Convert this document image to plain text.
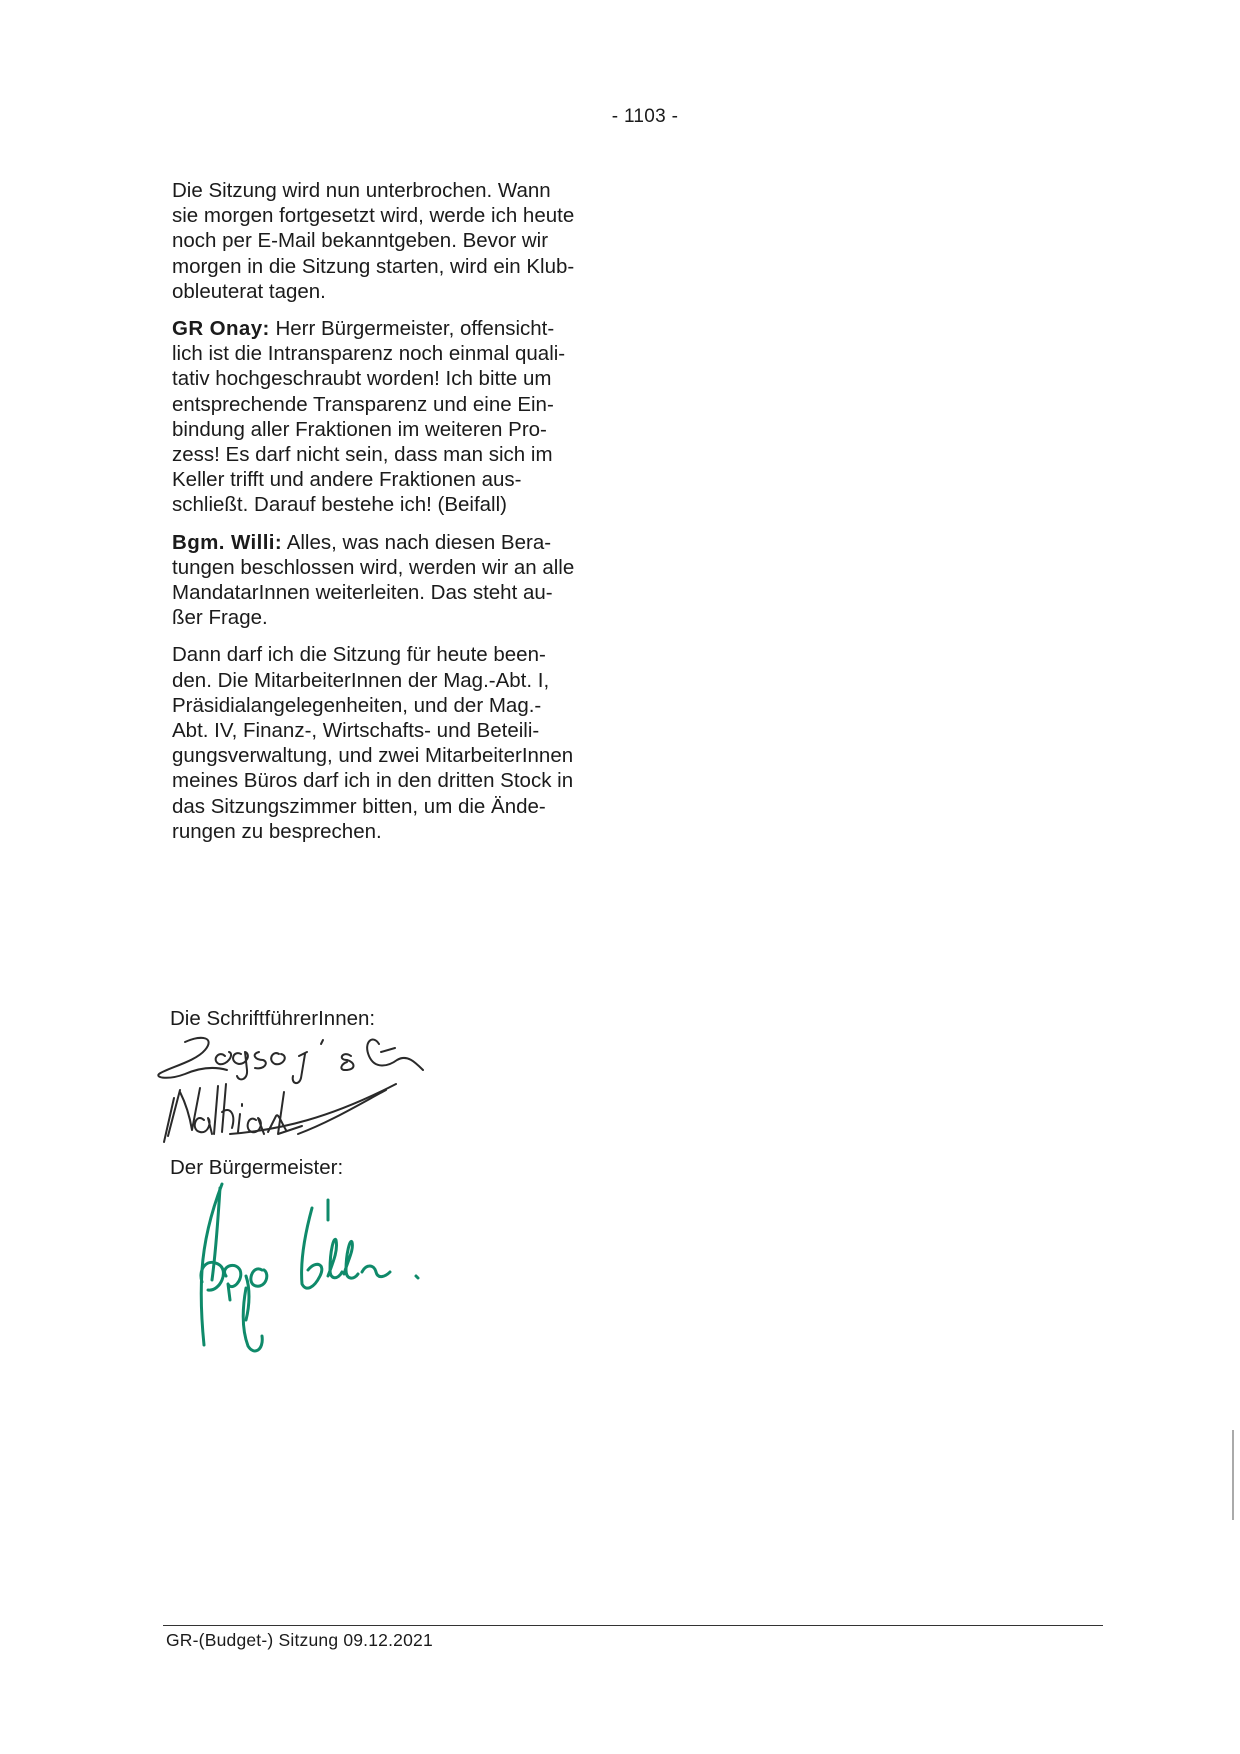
- 1103 -

Die Sitzung wird nun unterbrochen. Wann
sie morgen fortgesetzt wird, werde ich heute
noch per E-Mail bekanntgeben. Bevor wir
morgen in die Sitzung starten, wird ein Klub-
obleuterat tagen.

GR Onay: Herr Bürgermeister, offensicht-
lich ist die Intransparenz noch einmal quali-
tativ hochgeschraubt worden! Ich bitte um
entsprechende Transparenz und eine Ein-
bindung aller Fraktionen im weiteren Pro-
zess! Es darf nicht sein, dass man sich im
Keller trifft und andere Fraktionen aus-
schließt. Darauf bestehe ich! (Beifall)

Bgm. Willi: Alles, was nach diesen Bera-
tungen beschlossen wird, werden wir an alle
MandatarInnen weiterleiten. Das steht au-
ßer Frage.

Dann darf ich die Sitzung für heute been-
den. Die MitarbeiterInnen der Mag.-Abt. I,
Präsidialangelegenheiten, und der Mag.-
Abt. IV, Finanz-, Wirtschafts- und Beteili-
gungsverwaltung, und zwei MitarbeiterInnen
meines Büros darf ich in den dritten Stock in
das Sitzungszimmer bitten, um die Ände-
rungen zu besprechen.

Die SchriftführerInnen:
Der Bürgermeister:
GR-(Budget-) Sitzung 09.12.2021
